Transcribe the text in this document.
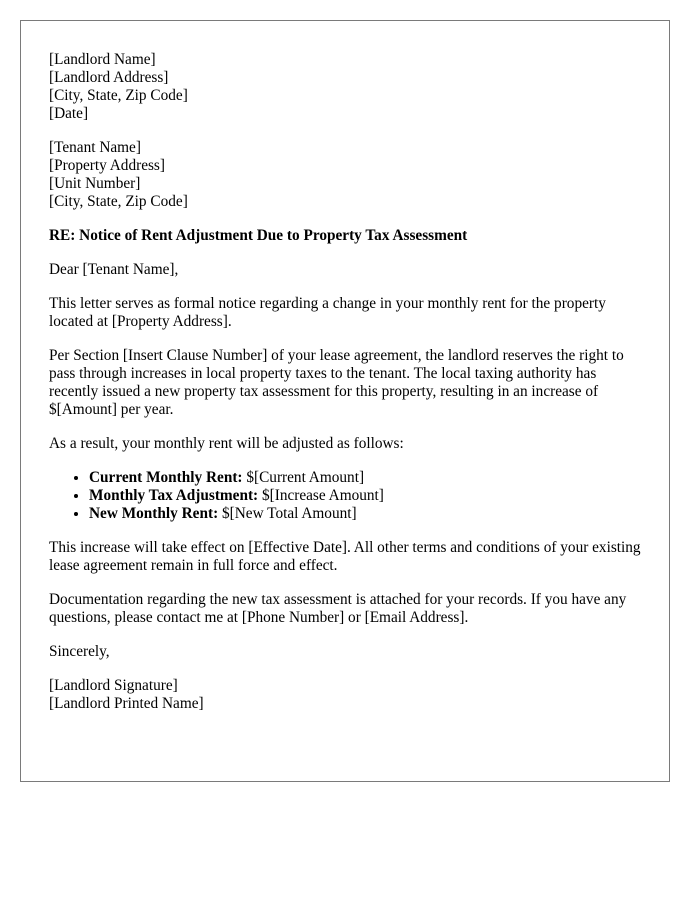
[Landlord Name]
[Landlord Address]
[City, State, Zip Code]
[Date]
[Tenant Name]
[Property Address]
[Unit Number]
[City, State, Zip Code]

RE: Notice of Rent Adjustment Due to Property Tax Assessment

Dear [Tenant Name],

This letter serves as formal notice regarding a change in your monthly rent for the property located at [Property Address].

Per Section [Insert Clause Number] of your lease agreement, the landlord reserves the right to pass through increases in local property taxes to the tenant. The local taxing authority has recently issued a new property tax assessment for this property, resulting in an increase of $[Amount] per year.

As a result, your monthly rent will be adjusted as follows:

• Current Monthly Rent: $[Current Amount]
• Monthly Tax Adjustment: $[Increase Amount]
• New Monthly Rent: $[New Total Amount]

This increase will take effect on [Effective Date]. All other terms and conditions of your existing lease agreement remain in full force and effect.

Documentation regarding the new tax assessment is attached for your records. If you have any questions, please contact me at [Phone Number] or [Email Address].

Sincerely,

[Landlord Signature]
[Landlord Printed Name]
